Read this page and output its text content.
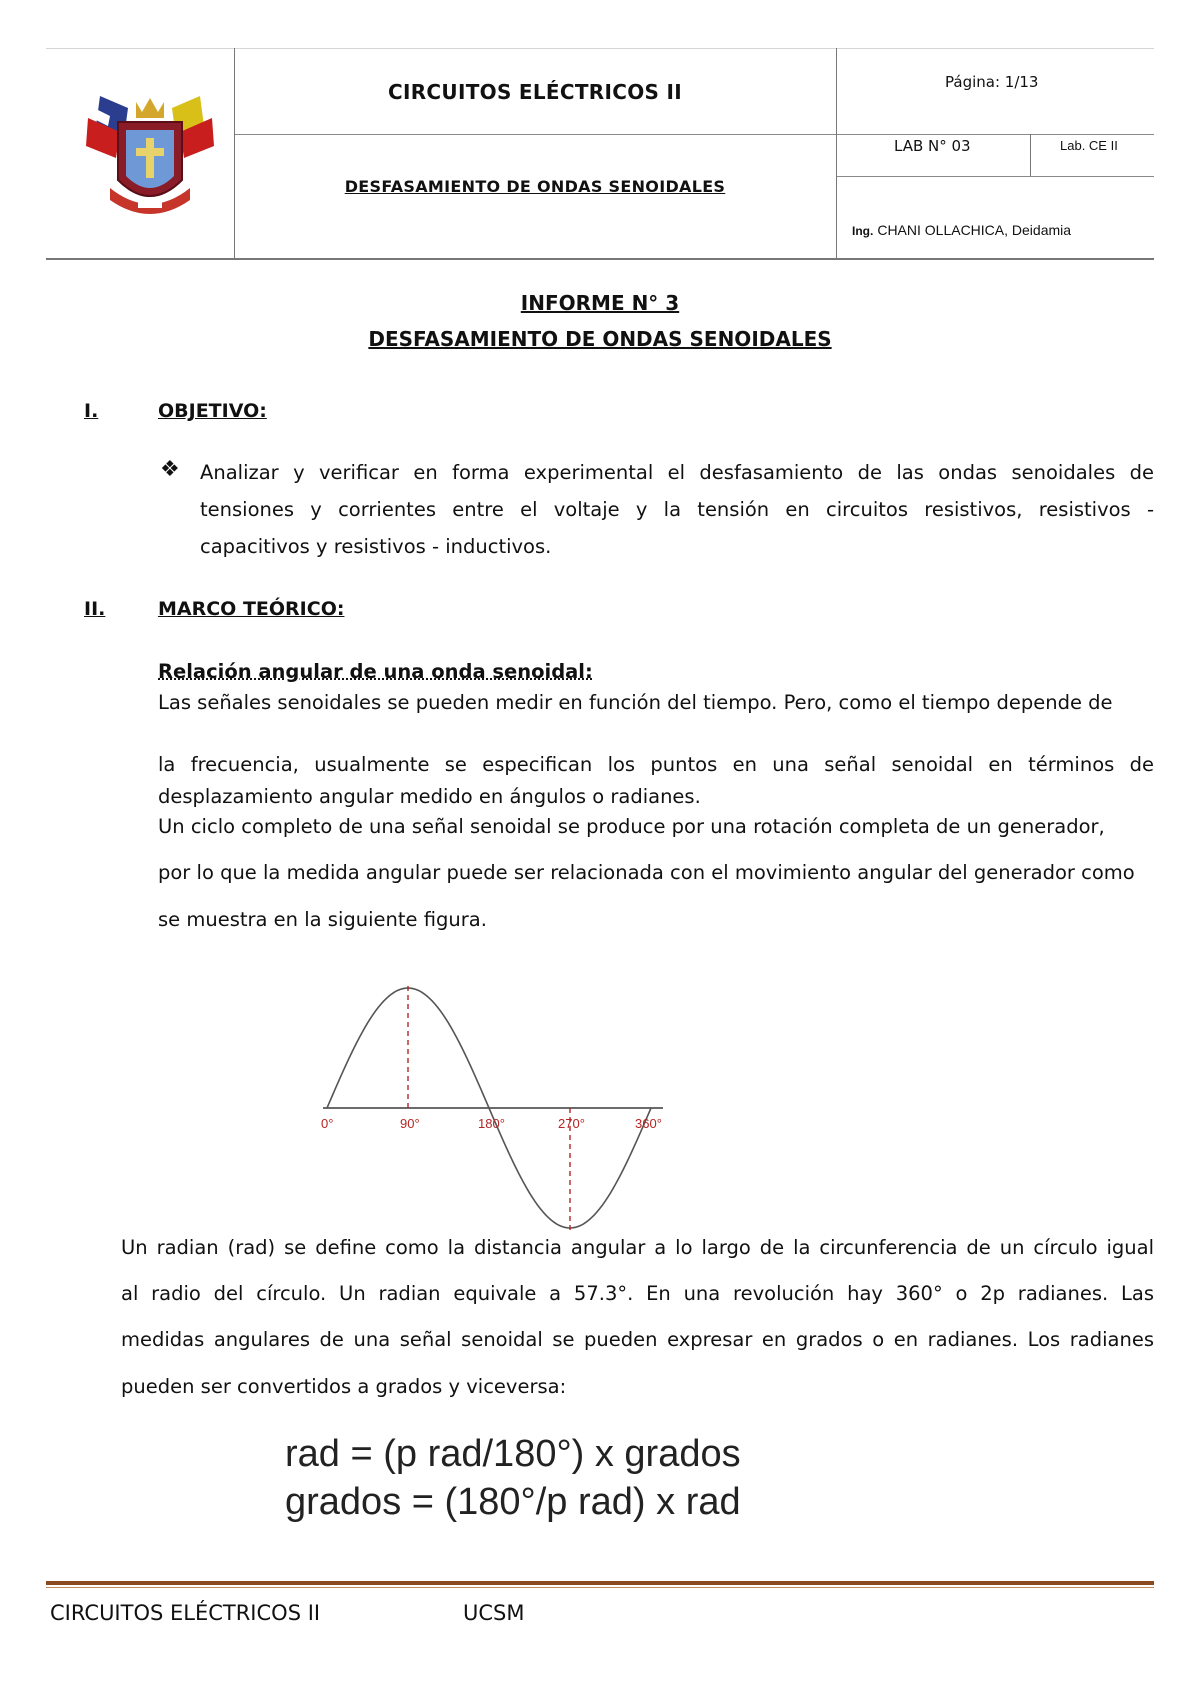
CIRCUITOS ELÉCTRICOS II
DESFASAMIENTO DE ONDAS SENOIDALES
Página: 1/13
LAB N° 03	Lab. CE II
Ing. CHANI OLLACHICA, Deidamia
INFORME N° 3
DESFASAMIENTO DE ONDAS SENOIDALES
I.	OBJETIVO:
❖ Analizar y verificar en forma experimental el desfasamiento de las ondas senoidales de
tensiones y corrientes entre el voltaje y la tensión en circuitos resistivos, resistivos -
capacitivos y resistivos - inductivos.
II.	MARCO TEÓRICO:
Relación angular de una onda senoidal:
Las señales senoidales se pueden medir en función del tiempo. Pero, como el tiempo depende de
la frecuencia, usualmente se especifican los puntos en una señal senoidal en términos de
desplazamiento angular medido en ángulos o radianes.
Un ciclo completo de una señal senoidal se produce por una rotación completa de un generador,
por lo que la medida angular puede ser relacionada con el movimiento angular del generador como
se muestra en la siguiente figura.
0°	90°	180°	270°	360°
Un radian (rad) se define como la distancia angular a lo largo de la circunferencia de un círculo igual
al radio del círculo. Un radian equivale a 57.3°. En una revolución hay 360° o 2p radianes. Las
medidas angulares de una señal senoidal se pueden expresar en grados o en radianes. Los radianes
pueden ser convertidos a grados y viceversa:
rad = (p rad/180°) x grados
grados = (180°/p rad) x rad
CIRCUITOS ELÉCTRICOS II	UCSM
